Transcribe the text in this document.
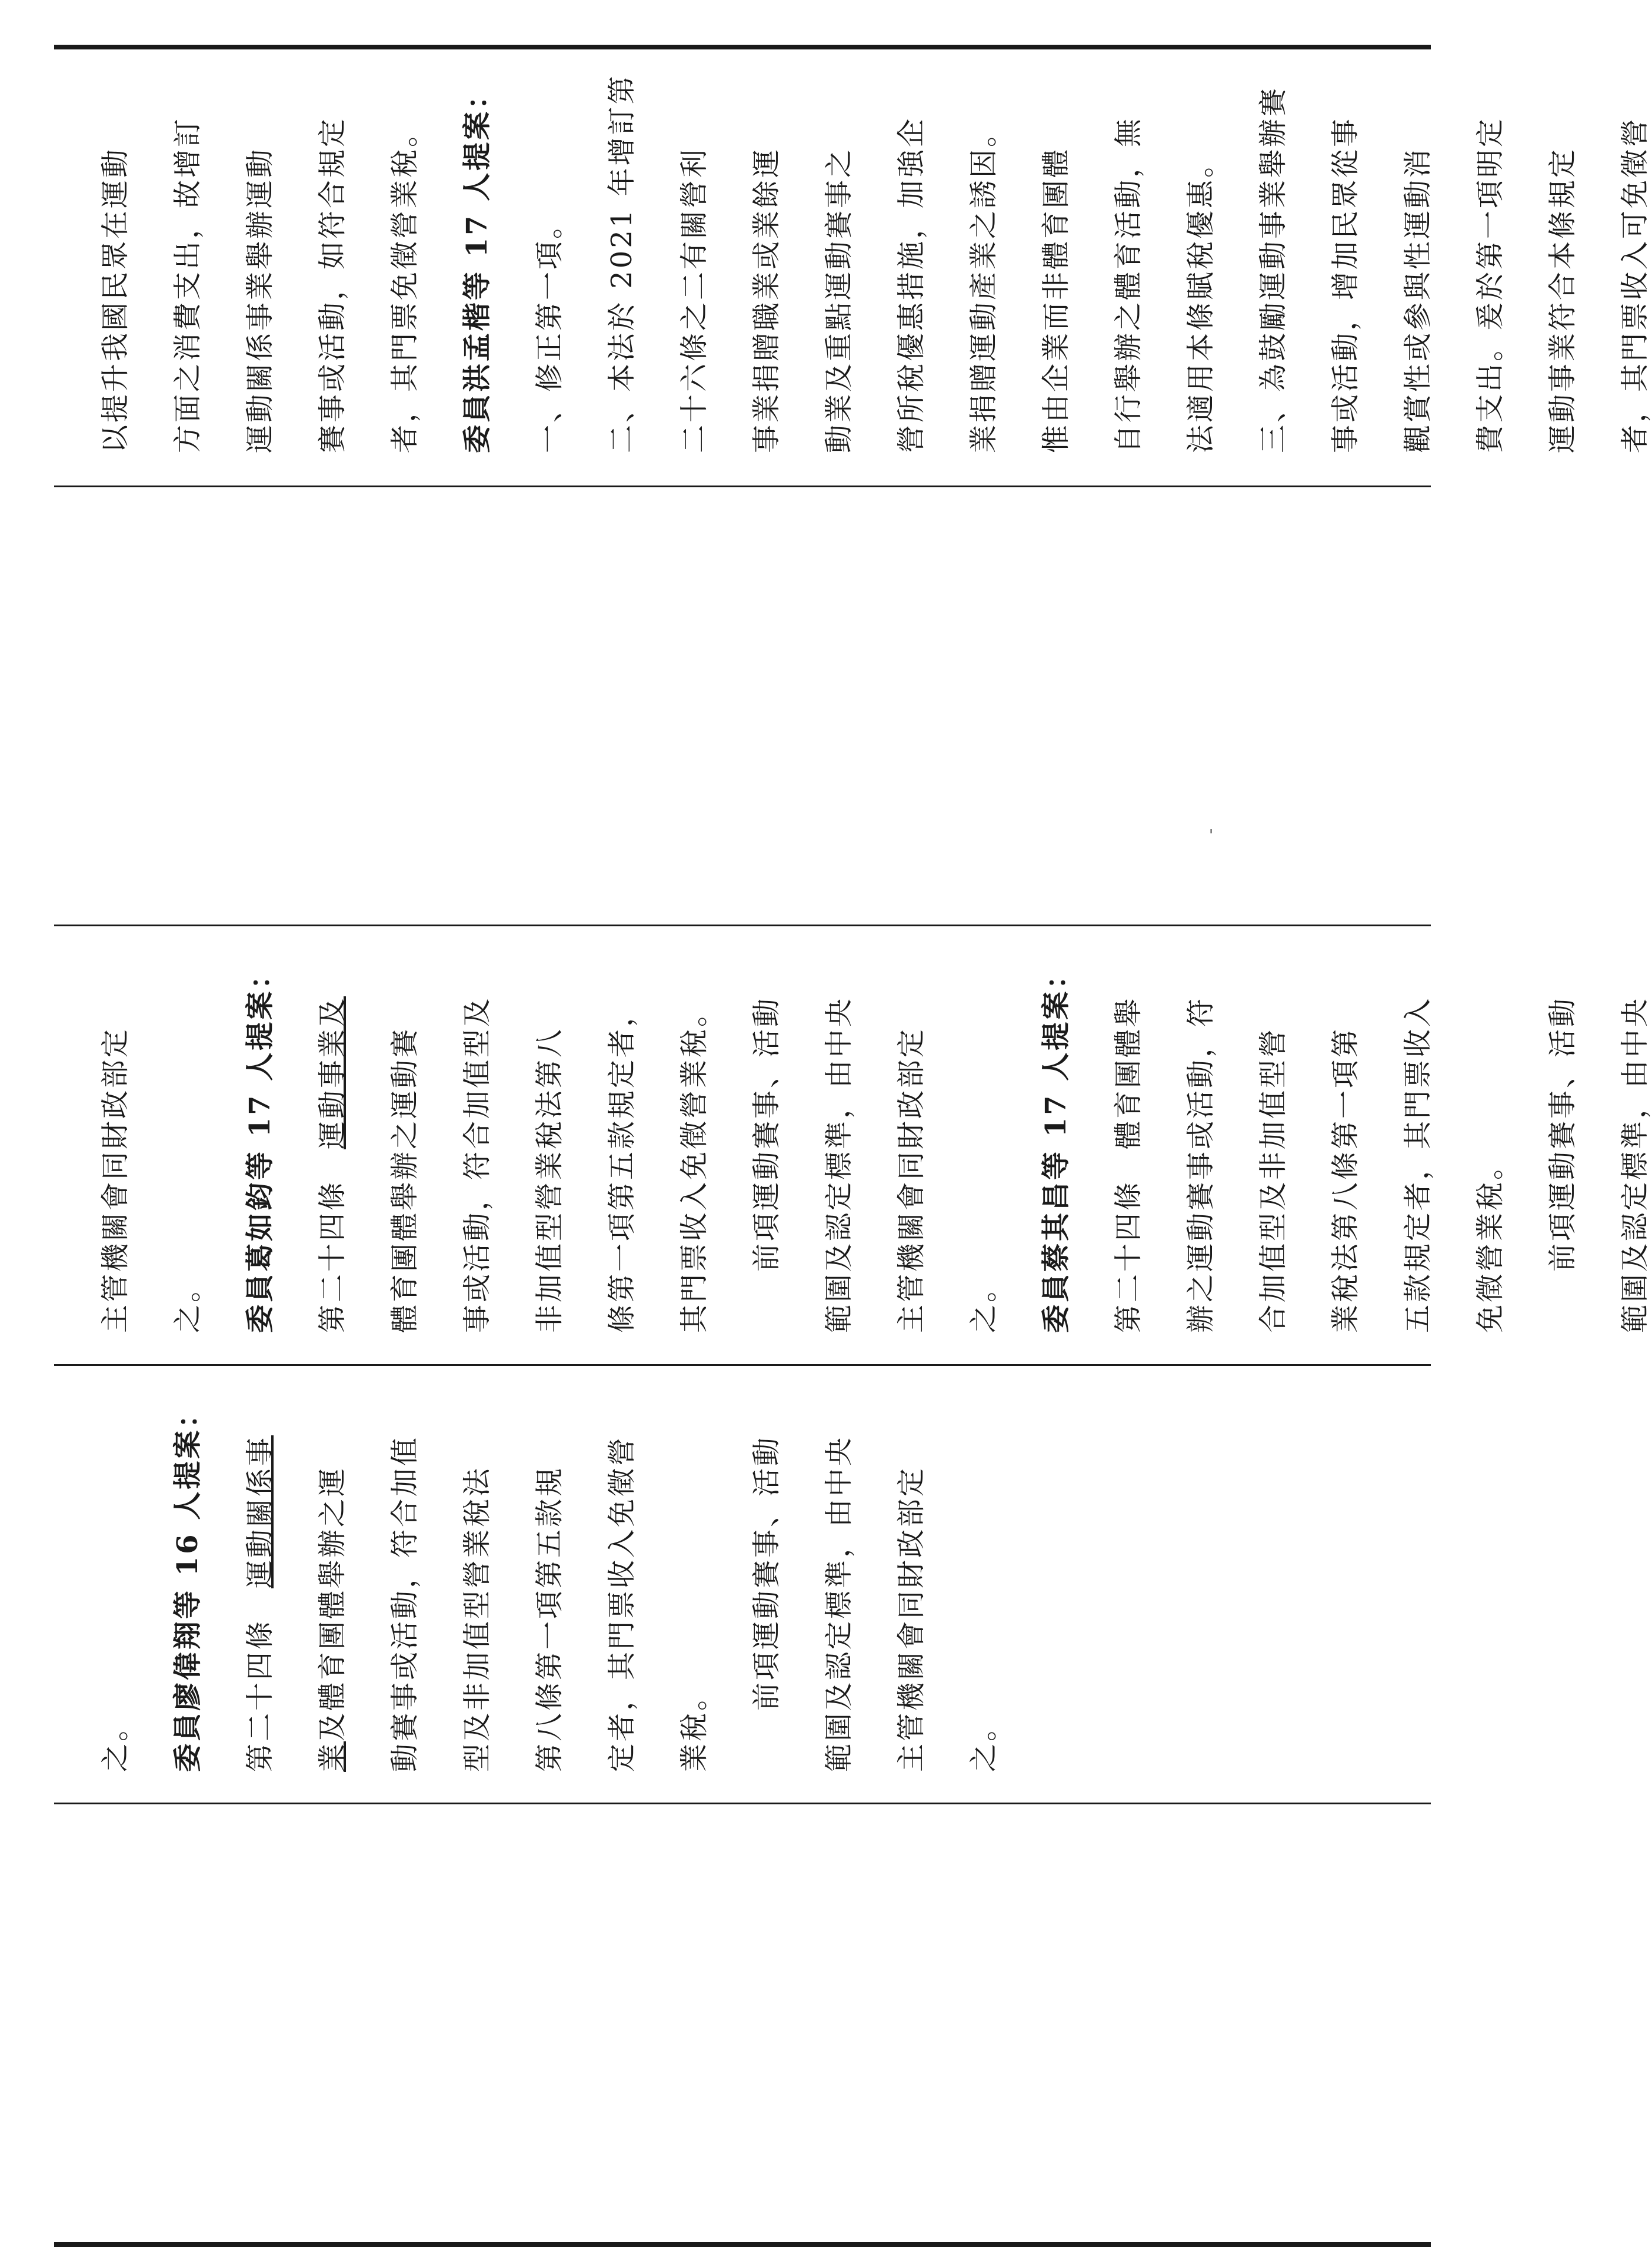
以提升我國民眾在運動 方面之消費支出，故增訂 運動關係事業舉辦運動 賽事或活動，如符合規定 者，其門票免徵營業稅。 委員洪孟楷等 17 人提案： 一、修正第一項。 二、本法於 2021 年增訂第 二十六條之二有關營利 事業捐贈職業或業餘運 動業及重點運動賽事之 營所稅優惠措施，加強企 業捐贈運動產業之誘因。 惟由企業而非體育團體 自行舉辦之體育活動，無 法適用本條賦稅優惠。 三、為鼓勵運動事業舉辦賽 事或活動，增加民眾從事 觀賞性或參與性運動消 費支出。爰於第一項明定 運動事業符合本條規定 者，其門票收入可免徵營
主管機關會同財政部定 之。 委員葛如鈞等 17 人提案： 第二十四條　運動事業及 體育團體舉辦之運動賽 事或活動，符合加值型及 非加值型營業稅法第八 條第一項第五款規定者， 其門票收入免徵營業稅。 　　前項運動賽事、活動 範圍及認定標準，由中央 主管機關會同財政部定 之。 委員蔡其昌等 17 人提案： 第二十四條　體育團體舉 辦之運動賽事或活動，符 合加值型及非加值型營 業稅法第八條第一項第 五款規定者，其門票收入 免徵營業稅。 　　前項運動賽事、活動 範圍及認定標準，由中央
之。 委員廖偉翔等 16 人提案： 第二十四條　運動關係事
業及體育團體舉辦之運 動賽事或活動，符合加值 型及非加值型營業稅法 第八條第一項第五款規 定者，其門票收入免徵營 業稅。 　　前項運動賽事、活動 範圍及認定標準，由中央 主管機關會同財政部定 之。
'
